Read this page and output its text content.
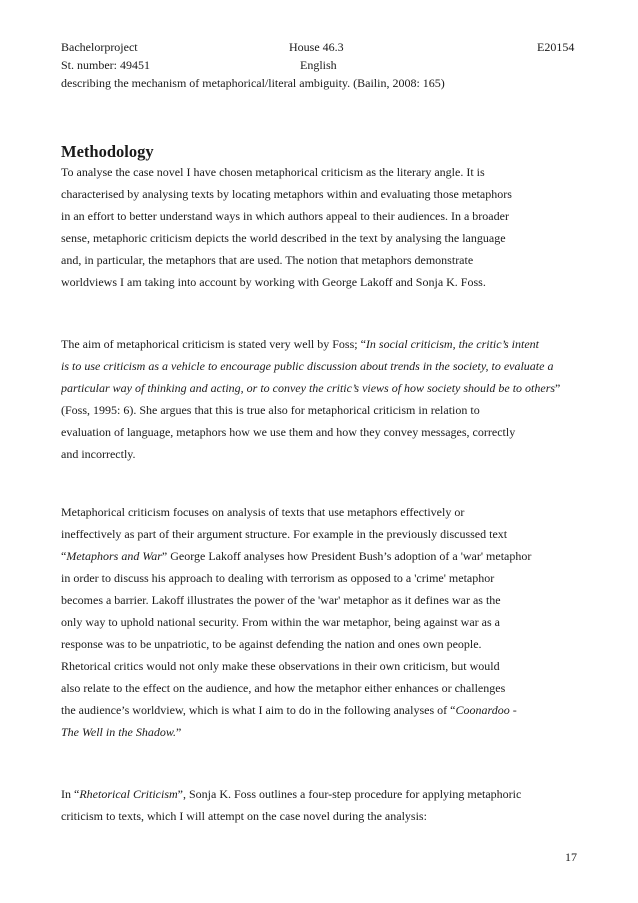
Bachelorproject	House 46.3	E20154
St. number: 49451	English
describing the mechanism of metaphorical/literal ambiguity. (Bailin, 2008: 165)
Methodology
To analyse the case novel I have chosen metaphorical criticism as the literary angle. It is
characterised by analysing texts by locating metaphors within and evaluating those metaphors
in an effort to better understand ways in which authors appeal to their audiences. In a broader
sense, metaphoric criticism depicts the world described in the text by analysing the language
and, in particular, the metaphors that are used. The notion that metaphors demonstrate
worldviews I am taking into account by working with George Lakoff and Sonja K. Foss.
The aim of metaphorical criticism is stated very well by Foss; “In social criticism, the critic’s intent
is to use criticism as a vehicle to encourage public discussion about trends in the society, to evaluate a
particular way of thinking and acting, or to convey the critic’s views of how society should be to others”
(Foss, 1995: 6). She argues that this is true also for metaphorical criticism in relation to
evaluation of language, metaphors how we use them and how they convey messages, correctly
and incorrectly.
Metaphorical criticism focuses on analysis of texts that use metaphors effectively or
ineffectively as part of their argument structure. For example in the previously discussed text
“Metaphors and War” George Lakoff analyses how President Bush’s adoption of a 'war' metaphor
in order to discuss his approach to dealing with terrorism as opposed to a 'crime' metaphor
becomes a barrier. Lakoff illustrates the power of the 'war' metaphor as it defines war as the
only way to uphold national security. From within the war metaphor, being against war as a
response was to be unpatriotic, to be against defending the nation and ones own people.
Rhetorical critics would not only make these observations in their own criticism, but would
also relate to the effect on the audience, and how the metaphor either enhances or challenges
the audience’s worldview, which is what I aim to do in the following analyses of “Coonardoo -
The Well in the Shadow.”
In “Rhetorical Criticism”, Sonja K. Foss outlines a four-step procedure for applying metaphoric
criticism to texts, which I will attempt on the case novel during the analysis:
17
